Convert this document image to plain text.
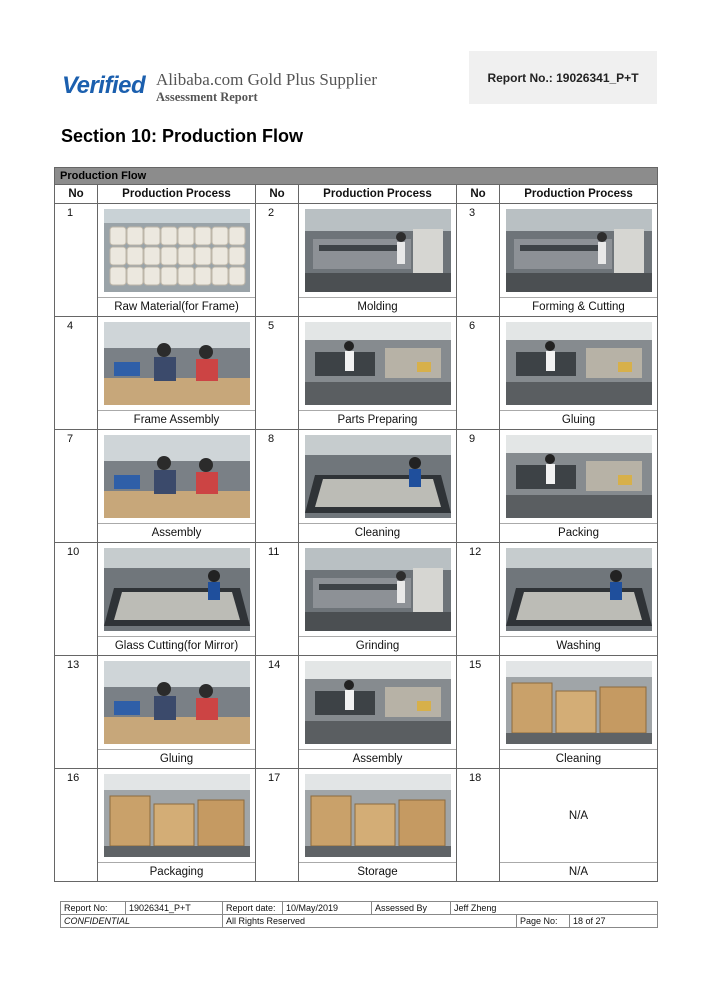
Verified Alibaba.com Gold Plus Supplier
Assessment Report
Report No.: 19026341_P+T
Section 10: Production Flow
Production Flow					
No	Production Process	No	Production Process	No	Production Process
1		2		3	

	Raw Material(for Frame)		Molding		Forming & Cutting
4		5		6	

	Frame Assembly		Parts Preparing		Gluing
7		8		9	

	Assembly		Cleaning		Packing
10		11		12	

	Glass Cutting(for Mirror)		Grinding		Washing
13		14		15	

	Gluing		Assembly		Cleaning
16		17		18	N/A
	Packaging		Storage		N/A
Report No:	19026341_P+T	Report date:	10/May/2019	Assessed By	Jeff Zheng		
CONFIDENTIAL		All Rights Reserved				Page No:	18 of 27
